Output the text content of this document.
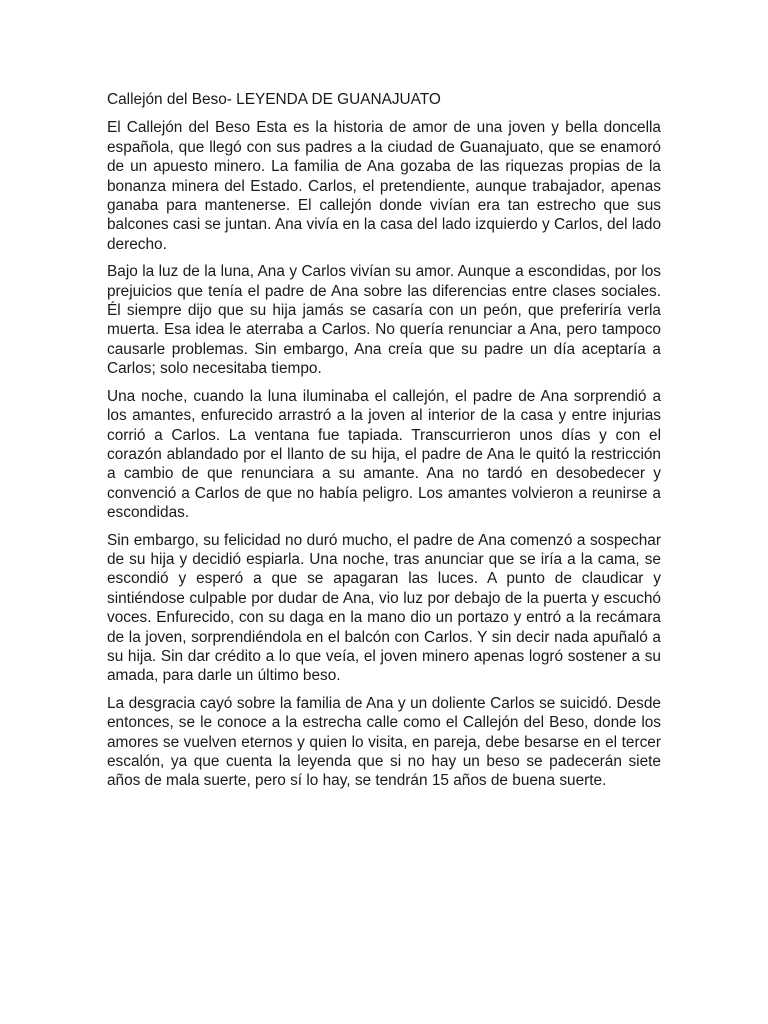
Callejón del Beso- LEYENDA DE GUANAJUATO

El Callejón del Beso Esta es la historia de amor de una joven y bella doncella española, que llegó con sus padres a la ciudad de Guanajuato, que se enamoró de un apuesto minero. La familia de Ana gozaba de las riquezas propias de la bonanza minera del Estado. Carlos, el pretendiente, aunque trabajador, apenas ganaba para mantenerse. El callejón donde vivían era tan estrecho que sus balcones casi se juntan. Ana vivía en la casa del lado izquierdo y Carlos, del lado derecho.

Bajo la luz de la luna, Ana y Carlos vivían su amor. Aunque a escondidas, por los prejuicios que tenía el padre de Ana sobre las diferencias entre clases sociales. Él siempre dijo que su hija jamás se casaría con un peón, que preferiría verla muerta. Esa idea le aterraba a Carlos. No quería renunciar a Ana, pero tampoco causarle problemas. Sin embargo, Ana creía que su padre un día aceptaría a Carlos; solo necesitaba tiempo.

Una noche, cuando la luna iluminaba el callejón, el padre de Ana sorprendió a los amantes, enfurecido arrastró a la joven al interior de la casa y entre injurias corrió a Carlos. La ventana fue tapiada. Transcurrieron unos días y con el corazón ablandado por el llanto de su hija, el padre de Ana le quitó la restricción a cambio de que renunciara a su amante. Ana no tardó en desobedecer y convenció a Carlos de que no había peligro. Los amantes volvieron a reunirse a escondidas.

Sin embargo, su felicidad no duró mucho, el padre de Ana comenzó a sospechar de su hija y decidió espiarla. Una noche, tras anunciar que se iría a la cama, se escondió y esperó a que se apagaran las luces. A punto de claudicar y sintiéndose culpable por dudar de Ana, vio luz por debajo de la puerta y escuchó voces. Enfurecido, con su daga en la mano dio un portazo y entró a la recámara de la joven, sorprendiéndola en el balcón con Carlos. Y sin decir nada apuñaló a su hija. Sin dar crédito a lo que veía, el joven minero apenas logró sostener a su amada, para darle un último beso.

La desgracia cayó sobre la familia de Ana y un doliente Carlos se suicidó. Desde entonces, se le conoce a la estrecha calle como el Callejón del Beso, donde los amores se vuelven eternos y quien lo visita, en pareja, debe besarse en el tercer escalón, ya que cuenta la leyenda que si no hay un beso se padecerán siete años de mala suerte, pero sí lo hay, se tendrán 15 años de buena suerte.
